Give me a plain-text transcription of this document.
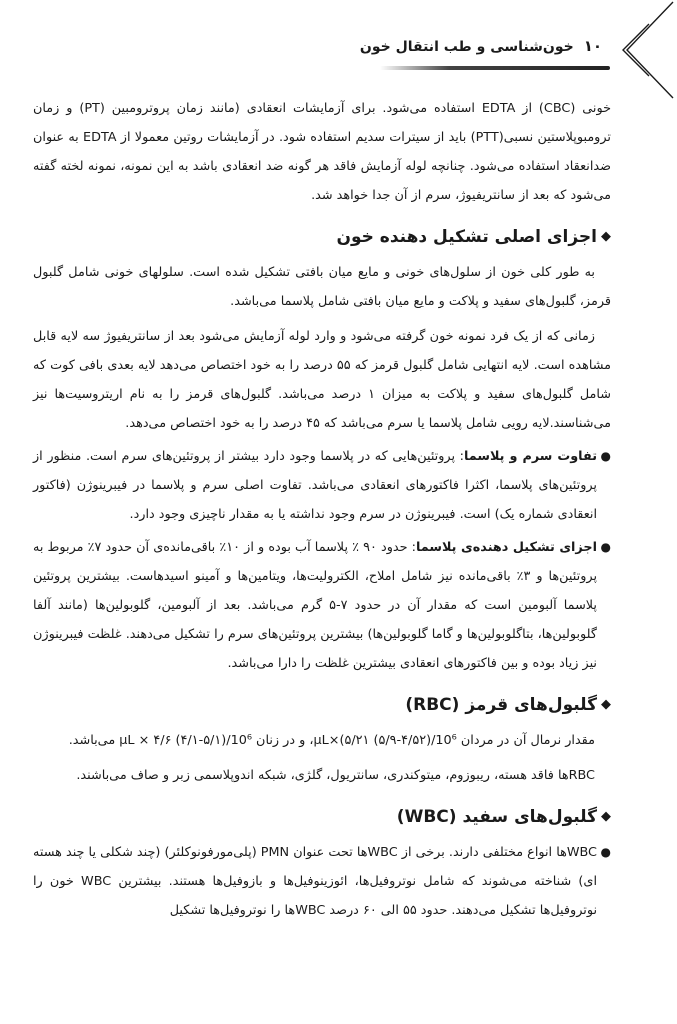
۱۰
خون‌شناسی و طب انتقال خون

خونی (CBC) از EDTA استفاده می‌شود. برای آزمایشات انعقادی (مانند زمان پروترومبین (PT) و زمان ترومبوپلاستین نسبی(PTT) باید از سیترات سدیم استفاده شود. در آزمایشات روتین معمولا از EDTA به عنوان ضدانعقاد استفاده می‌شود. چنانچه لوله آزمایش فاقد هر گونه ضد انعقادی باشد به این نمونه، نمونه لخته گفته می‌شود که بعد از سانتریفیوژ، سرم از آن جدا خواهد شد.

◆
اجزای اصلی تشکیل دهنده خون

به طور کلی خون از سلول‌های خونی و مایع میان بافتی تشکیل شده است. سلولهای خونی شامل گلبول قرمز، گلبول‌های سفید و پلاکت و مایع میان بافتی شامل پلاسما می‌باشد.

زمانی که از یک فرد نمونه خون گرفته می‌شود و وارد لوله آزمایش می‌شود بعد از سانتریفیوژ سه لایه قابل مشاهده است. لایه انتهایی شامل گلبول قرمز که ۵۵ درصد را به خود اختصاص می‌دهد لایه بعدی بافی کوت که شامل گلبول‌های سفید و پلاکت به میزان ۱ درصد می‌باشد. گلبول‌های قرمز را به نام اریتروسیت‌ها نیز می‌شناسند.لایه رویی شامل پلاسما یا سرم می‌باشد که ۴۵ درصد را به خود اختصاص می‌دهد.

●
تفاوت سرم و پلاسما: پروتئین‌هایی که در پلاسما وجود دارد بیشتر از پروتئین‌های سرم است. منظور از پروتئین‌های پلاسما، اکثرا فاکتورهای انعقادی می‌باشد. تفاوت اصلی سرم و پلاسما در فیبرینوژن (فاکتور انعقادی شماره یک) است. فیبرینوژن در سرم وجود نداشته یا به مقدار ناچیزی وجود دارد.
●
اجزای تشکیل دهنده‌ی پلاسما: حدود ۹۰ ٪ پلاسما آب بوده و از ۱۰٪ باقی‌مانده‌ی آن حدود ۷٪ مربوط به پروتئین‌ها و ۳٪ باقی‌مانده نیز شامل املاح، الکترولیت‌ها، ویتامین‌ها و آمینو اسیدهاست. بیشترین پروتئین پلاسما آلبومین است که مقدار آن در حدود ۷-۵ گرم می‌باشد. بعد از آلبومین، گلوبولین‌ها (مانند آلفا گلوبولین‌ها، بتاگلوبولین‌ها و گاما گلوبولین‌ها) بیشترین پروتئین‌های سرم را تشکیل می‌دهند. غلظت فیبرینوژن نیز زیاد بوده و بین فاکتورهای انعقادی بیشترین غلظت را دارا می‌باشد.
◆
گلبول‌های قرمز (RBC)

مقدار نرمال آن در مردان 10⁶/μL×(۵/۲۱ (۵/۹-۴/۵۲)، و در زنان 10⁶/μL × ۴/۶ (۴/۱-۵/۱) می‌باشد.

RBCها فاقد هسته، ریبوزوم، میتوکندری، سانتریول، گلژی، شبکه اندوپلاسمی زبر و صاف می‌باشند.

◆
گلبول‌های سفید (WBC)
●
WBCها انواع مختلفی دارند. برخی از WBCها تحت عنوان PMN (پلی‌مورفونوکلئر) (چند شکلی یا چند هسته ای) شناخته می‌شوند که شامل نوتروفیل‌ها، ائوزینوفیل‌ها و بازوفیل‌ها هستند. بیشترین WBC خون را نوتروفیل‌ها تشکیل می‌دهند. حدود ۵۵ الی ۶۰ درصد WBCها را نوتروفیل‌ها تشکیل
